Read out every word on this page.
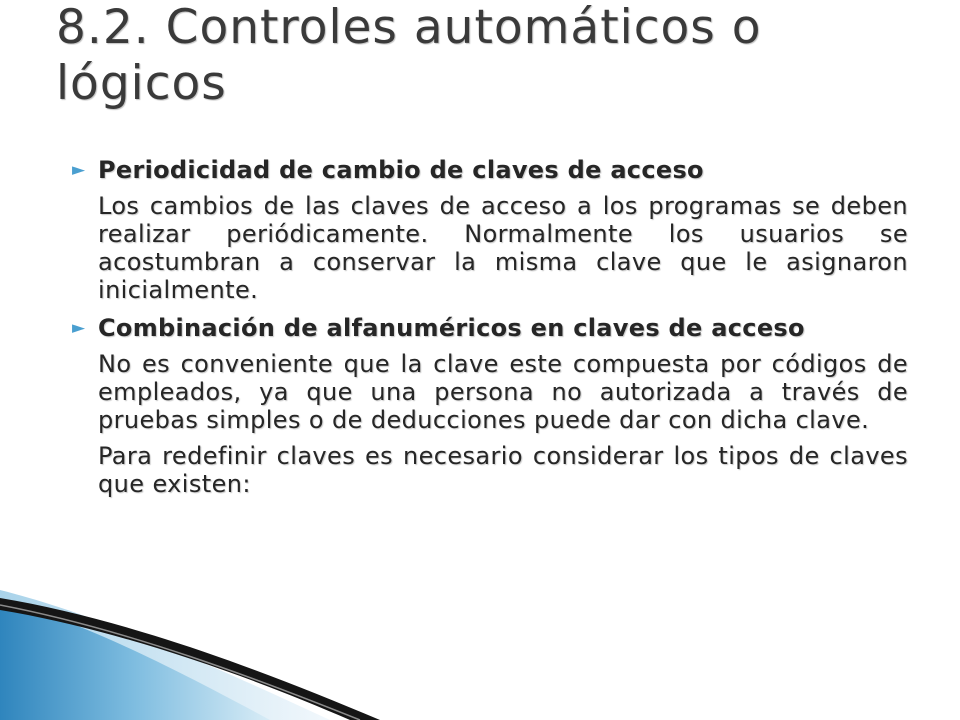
8.2. Controles automáticos o lógicos
► Periodicidad de cambio de claves de acceso

Los cambios de las claves de acceso a los programas se deben realizar periódicamente. Normalmente los usuarios se acostumbran a conservar la misma clave que le asignaron inicialmente.

► Combinación de alfanuméricos en claves de acceso

No es conveniente que la clave este compuesta por códigos de empleados, ya que una persona no autorizada a través de pruebas simples o de deducciones puede dar con dicha clave.

Para redefinir claves es necesario considerar los tipos de claves que existen:
